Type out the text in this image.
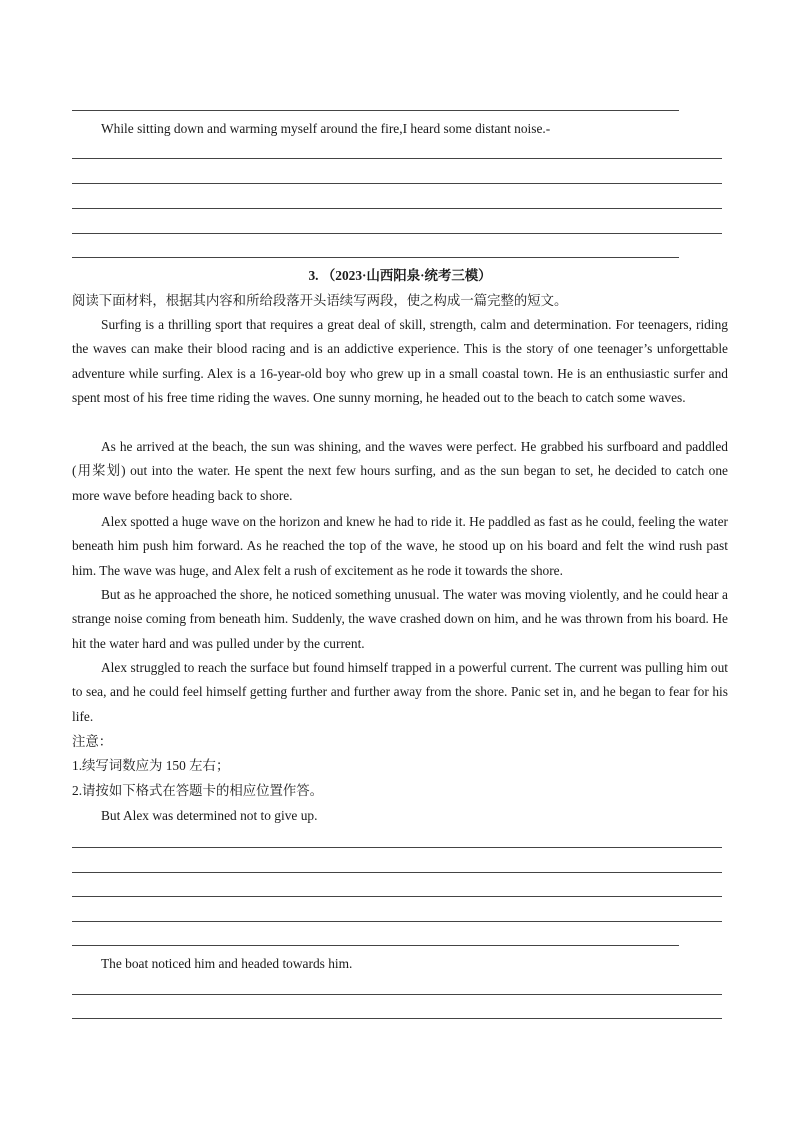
While sitting down and warming myself around the fire,I heard some distant noise.-

3. （2023·山西阳泉·统考三模）

阅读下面材料，根据其内容和所给段落开头语续写两段，使之构成一篇完整的短文。

Surfing is a thrilling sport that requires a great deal of skill, strength, calm and determination. For teenagers, riding the waves can make their blood racing and is an addictive experience. This is the story of one teenager’s unforgettable adventure while surfing. Alex is a 16-year-old boy who grew up in a small coastal town. He is an enthusiastic surfer and spent most of his free time riding the waves. One sunny morning, he headed out to the beach to catch some waves.

As he arrived at the beach, the sun was shining, and the waves were perfect. He grabbed his surfboard and paddled (用桨划) out into the water. He spent the next few hours surfing, and as the sun began to set, he decided to catch one more wave before heading back to shore.

Alex spotted a huge wave on the horizon and knew he had to ride it. He paddled as fast as he could, feeling the water beneath him push him forward. As he reached the top of the wave, he stood up on his board and felt the wind rush past him. The wave was huge, and Alex felt a rush of excitement as he rode it towards the shore.

But as he approached the shore, he noticed something unusual. The water was moving violently, and he could hear a strange noise coming from beneath him. Suddenly, the wave crashed down on him, and he was thrown from his board. He hit the water hard and was pulled under by the current.

Alex struggled to reach the surface but found himself trapped in a powerful current. The current was pulling him out to sea, and he could feel himself getting further and further away from the shore. Panic set in, and he began to fear for his life.

注意：

1.续写词数应为 150 左右；

2.请按如下格式在答题卡的相应位置作答。

But Alex was determined not to give up.

The boat noticed him and headed towards him.
